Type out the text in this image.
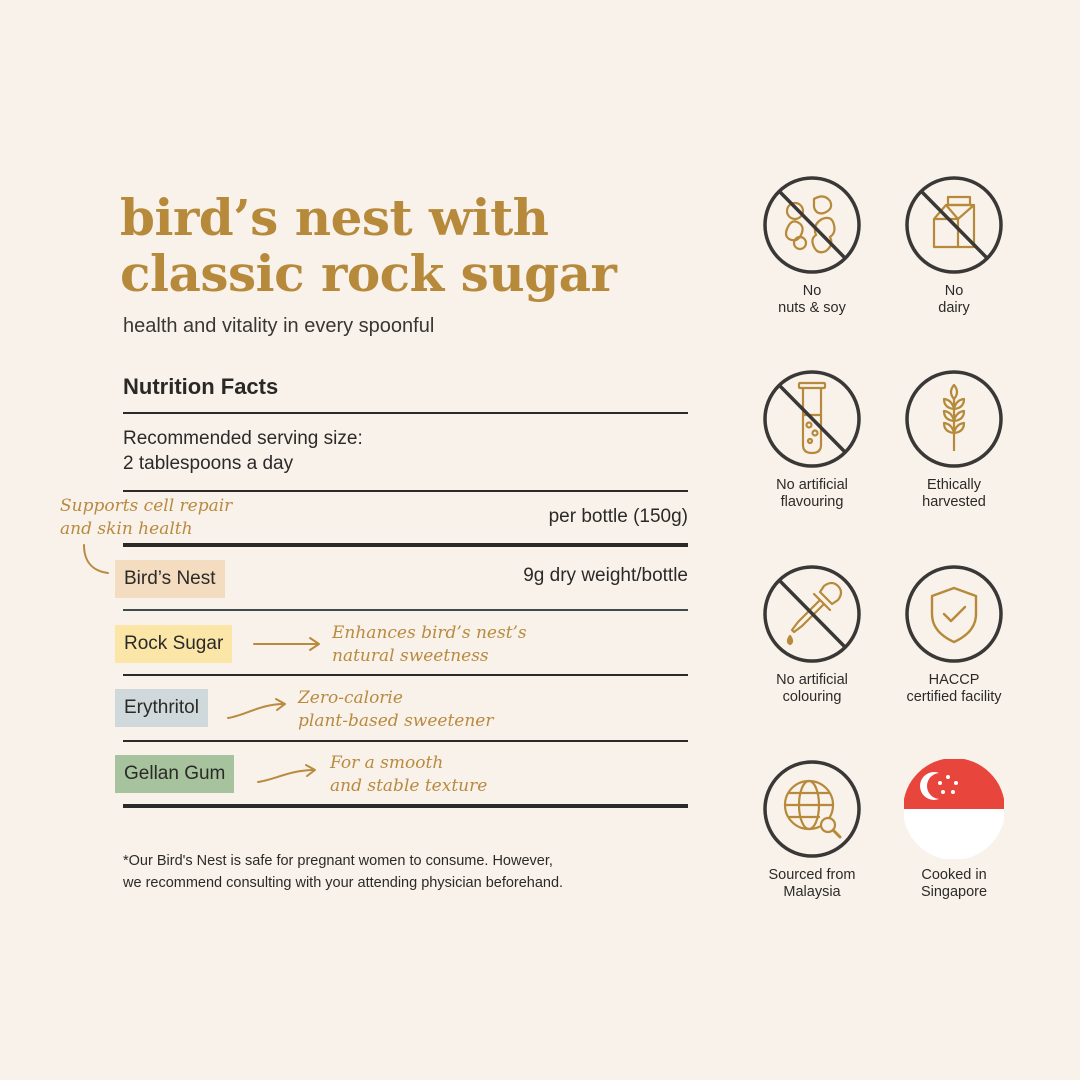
bird’s nest with
classic rock sugar
health and vitality in every spoonful
Nutrition Facts
Recommended serving size:
2 tablespoons a day
per bottle (150g)
Bird’s Nest	9g dry weight/bottle
Supports cell repair
and skin health
Rock Sugar	Enhances bird’s nest’s
natural sweetness
Erythritol	Zero-calorie
plant-based sweetener
Gellan Gum	For a smooth
and stable texture
*Our Bird's Nest is safe for pregnant women to consume. However,
we recommend consulting with your attending physician beforehand.
No
nuts & soy
No
dairy
No artificial
flavouring
Ethically
harvested
No artificial
colouring
HACCP
certified facility
Sourced from
Malaysia
Cooked in
Singapore
